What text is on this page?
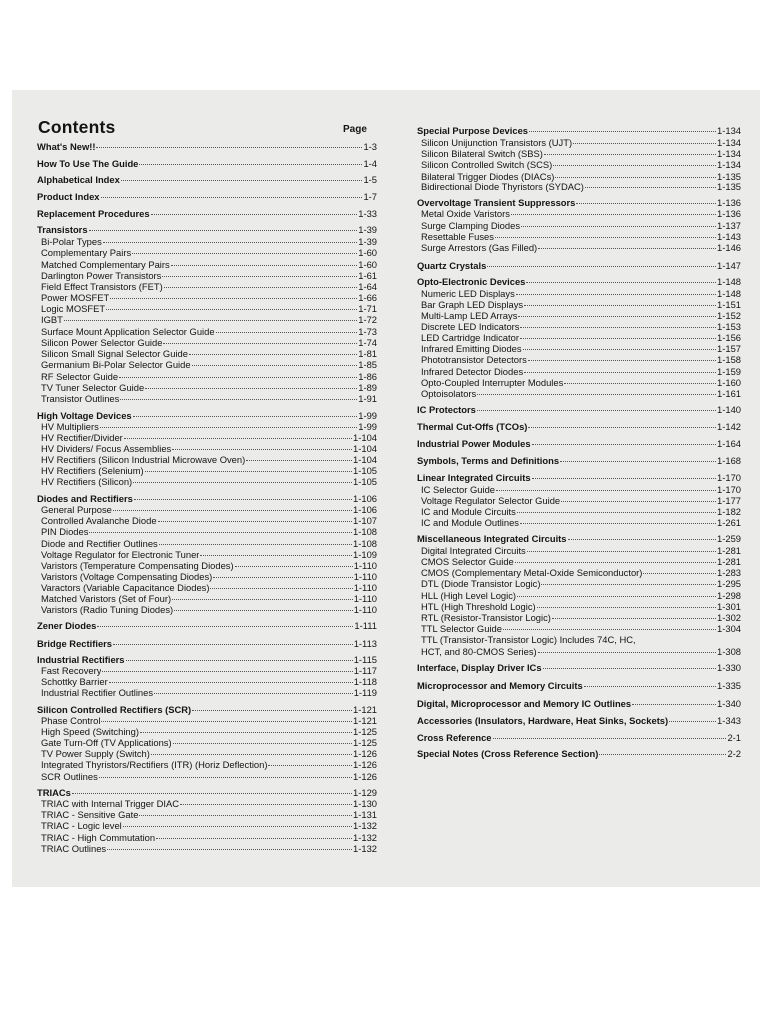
Contents	Page
What's New!!	1-3
How To Use The Guide	1-4
Alphabetical Index	1-5
Product Index	1-7
Replacement Procedures	1-33
Transistors	1-39
Bi-Polar Types	1-39
Complementary Pairs	1-60
Matched Complementary Pairs	1-60
Darlington Power Transistors	1-61
Field Effect Transistors (FET)	1-64
Power MOSFET	1-66
Logic MOSFET	1-71
IGBT	1-72
Surface Mount Application Selector Guide	1-73
Silicon Power Selector Guide	1-74
Silicon Small Signal Selector Guide	1-81
Germanium Bi-Polar Selector Guide	1-85
RF Selector Guide	1-86
TV Tuner Selector Guide	1-89
Transistor Outlines	1-91
High Voltage Devices	1-99
HV Multipliers	1-99
HV Rectifier/Divider	1-104
HV Dividers/ Focus Assemblies	1-104
HV Rectifiers (Silicon Industrial Microwave Oven)	1-104
HV Rectifiers (Selenium)	1-105
HV Rectifiers (Silicon)	1-105
Diodes and Rectifiers	1-106
General Purpose	1-106
Controlled Avalanche Diode	1-107
PIN Diodes	1-108
Diode and Rectifier Outlines	1-108
Voltage Regulator for Electronic Tuner	1-109
Varistors (Temperature Compensating Diodes)	1-110
Varistors (Voltage Compensating Diodes)	1-110
Varactors (Variable Capacitance Diodes)	1-110
Matched Varistors (Set of Four)	1-110
Varistors (Radio Tuning Diodes)	1-110
Zener Diodes	1-111
Bridge Rectifiers	1-113
Industrial Rectifiers	1-115
Fast Recovery	1-117
Schottky Barrier	1-118
Industrial Rectifier Outlines	1-119
Silicon Controlled Rectifiers (SCR)	1-121
Phase Control	1-121
High Speed (Switching)	1-125
Gate Turn-Off (TV Applications)	1-125
TV Power Supply (Switch)	1-126
Integrated Thyristors/Rectifiers (ITR) (Horiz Deflection)	1-126
SCR Outlines	1-126
TRIACs	1-129
TRIAC with Internal Trigger DIAC	1-130
TRIAC - Sensitive Gate	1-131
TRIAC - Logic level	1-132
TRIAC - High Commutation	1-132
TRIAC Outlines	1-132
Special Purpose Devices	1-134
Silicon Unijunction Transistors (UJT)	1-134
Silicon Bilateral Switch (SBS)	1-134
Silicon Controlled Switch (SCS)	1-134
Bilateral Trigger Diodes (DIACs)	1-135
Bidirectional Diode Thyristors (SYDAC)	1-135
Overvoltage Transient Suppressors	1-136
Metal Oxide Varistors	1-136
Surge Clamping Diodes	1-137
Resettable Fuses	1-143
Surge Arrestors (Gas Filled)	1-146
Quartz Crystals	1-147
Opto-Electronic Devices	1-148
Numeric LED Displays	1-148
Bar Graph LED Displays	1-151
Multi-Lamp LED Arrays	1-152
Discrete LED Indicators	1-153
LED Cartridge Indicator	1-156
Infrared Emitting Diodes	1-157
Phototransistor Detectors	1-158
Infrared Detector Diodes	1-159
Opto-Coupled Interrupter Modules	1-160
Optoisolators	1-161
IC Protectors	1-140
Thermal Cut-Offs (TCOs)	1-142
Industrial Power Modules	1-164
Symbols, Terms and Definitions	1-168
Linear Integrated Circuits	1-170
IC Selector Guide	1-170
Voltage Regulator Selector Guide	1-177
IC and Module Circuits	1-182
IC and Module Outlines	1-261
Miscellaneous Integrated Circuits	1-259
Digital Integrated Circuits	1-281
CMOS Selector Guide	1-281
CMOS (Complementary Metal-Oxide Semiconductor)	1-283
DTL (Diode Transistor Logic)	1-295
HLL (High Level Logic)	1-298
HTL (High Threshold Logic)	1-301
RTL (Resistor-Transistor Logic)	1-302
TTL Selector Guide	1-304
TTL (Transistor-Transistor Logic) Includes 74C, HC,
HCT, and 80-CMOS Series)	1-308
Interface, Display Driver ICs	1-330
Microprocessor and Memory Circuits	1-335
Digital, Microprocessor and Memory IC Outlines	1-340
Accessories (Insulators, Hardware, Heat Sinks, Sockets)	1-343
Cross Reference	2-1
Special Notes (Cross Reference Section)	2-2
